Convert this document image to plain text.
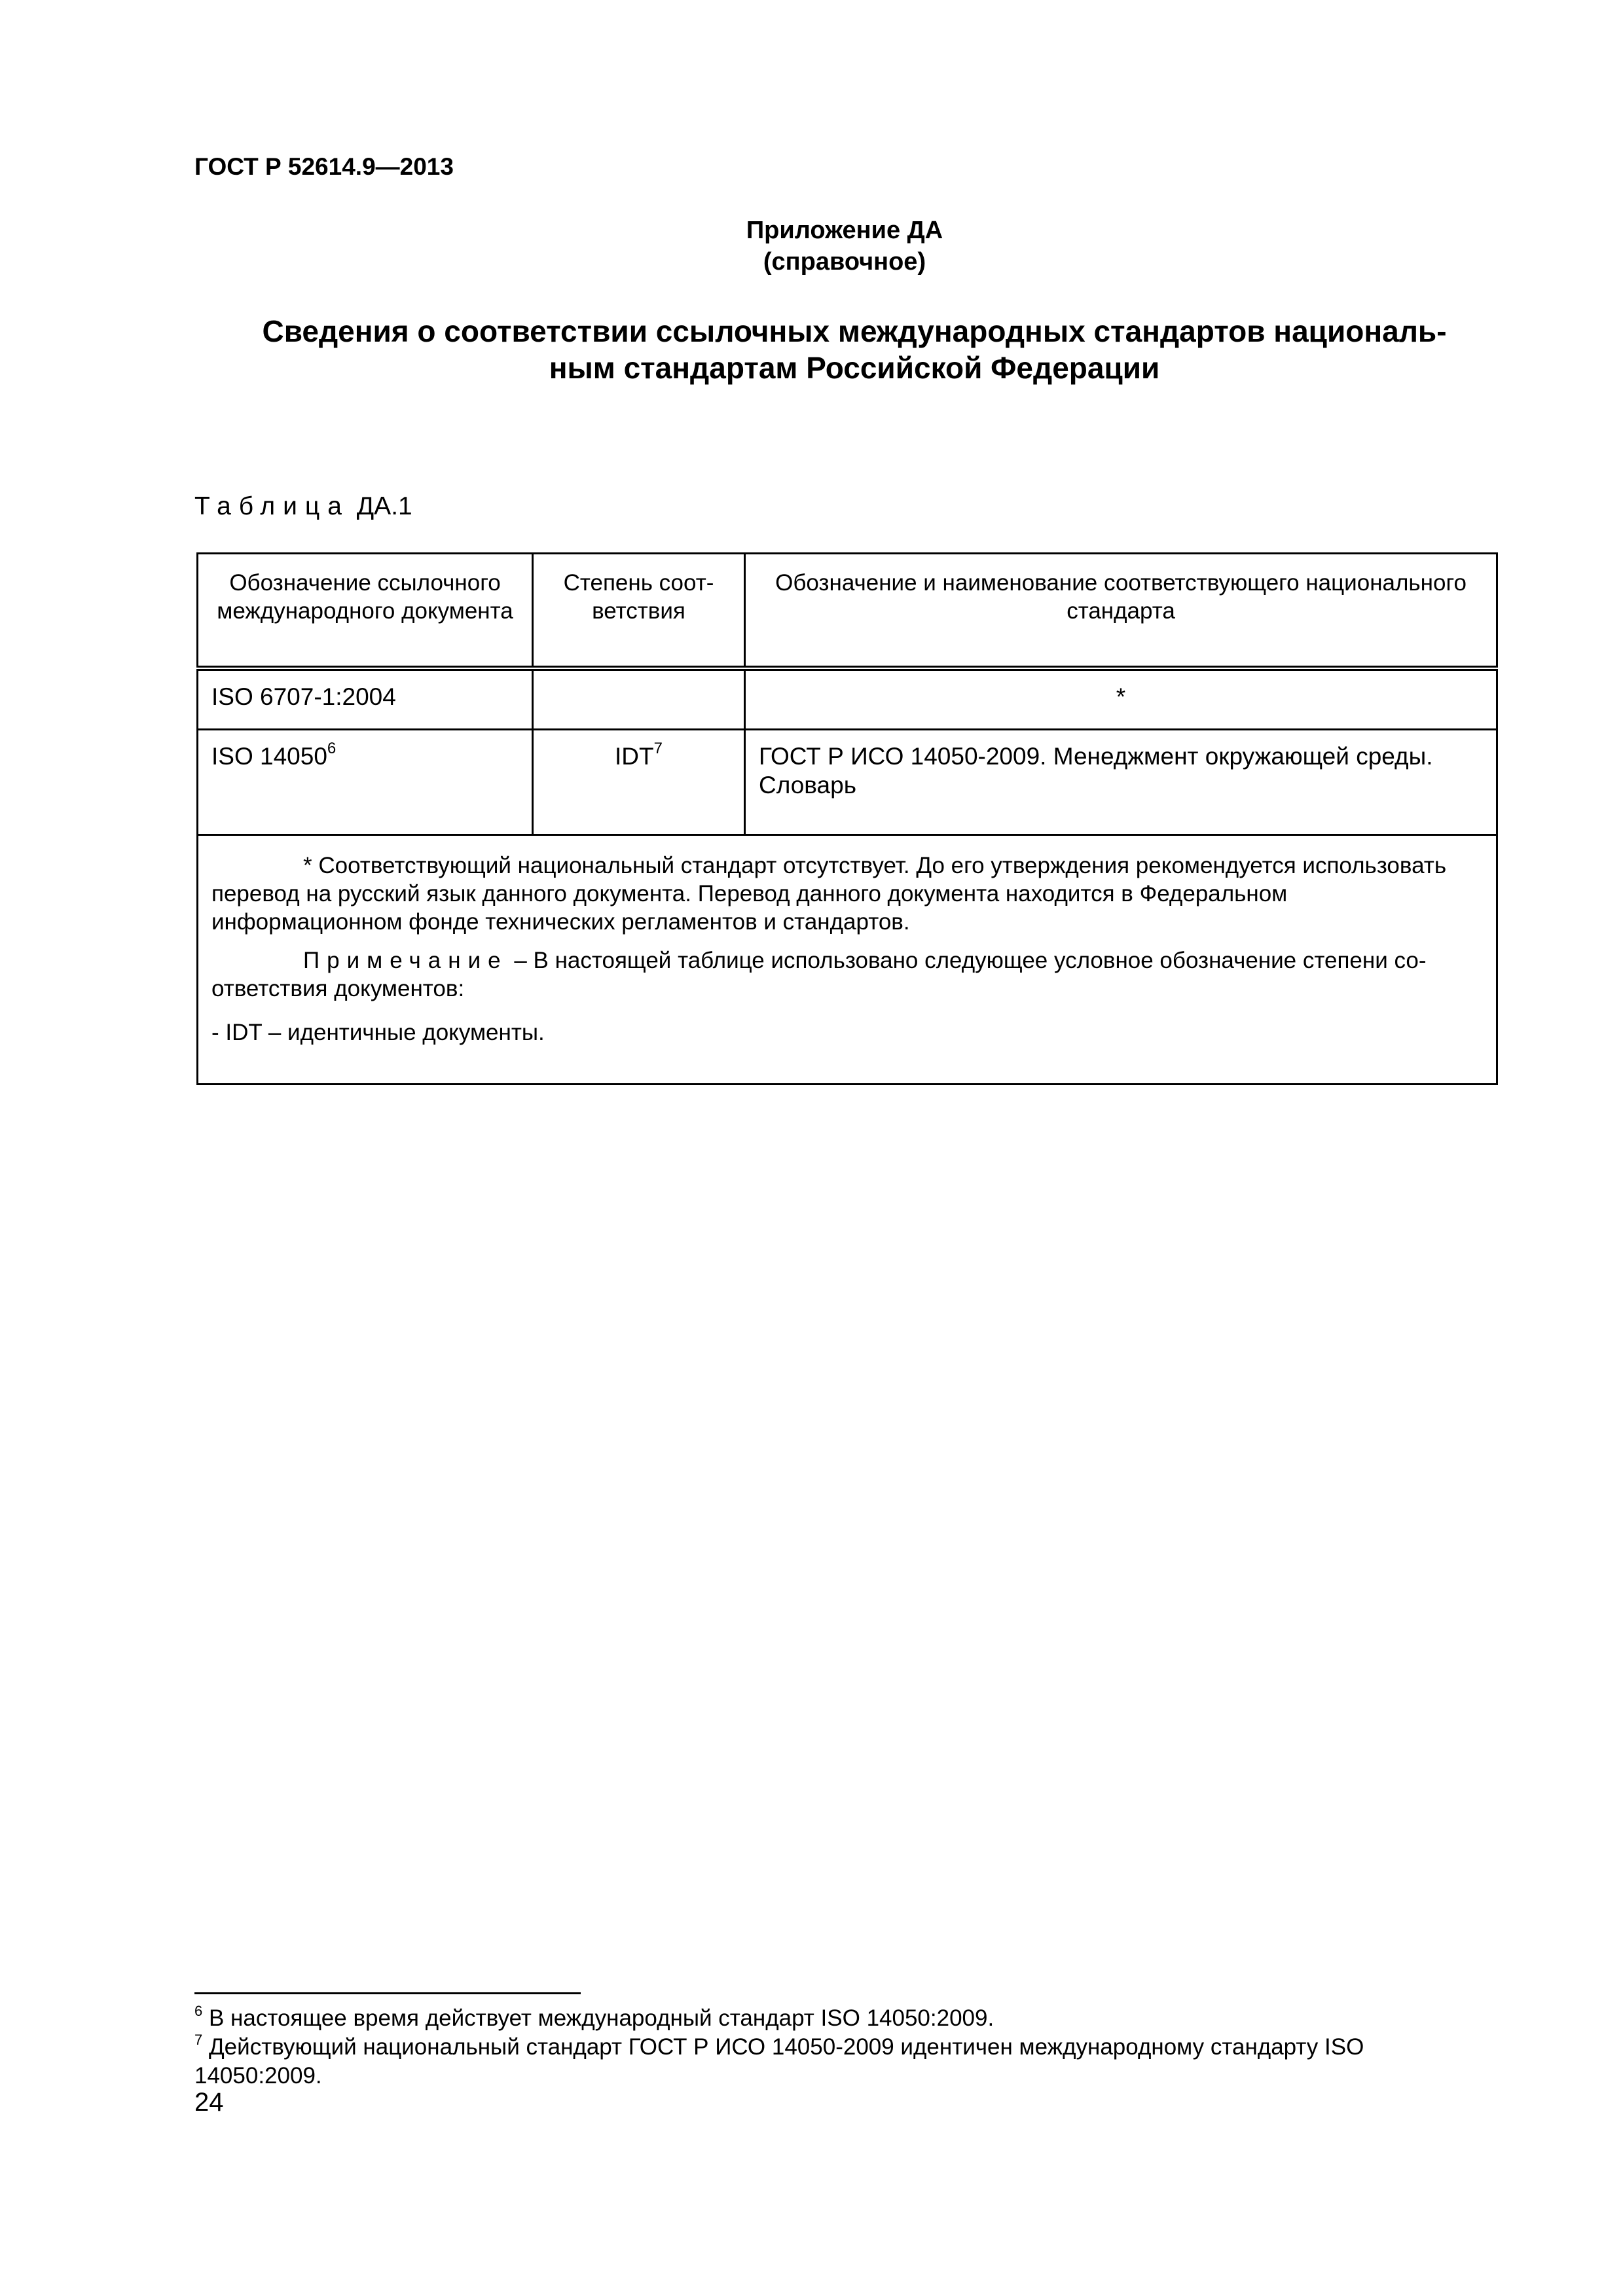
ГОСТ Р 52614.9—2013

Приложение ДА
(справочное)
Сведения о соответствии ссылочных международных стандартов националь-
ным стандартам Российской Федерации
Таблица ДА.1
Обозначение ссылочного международного документа	Степень соответствия	Обозначение и наименование соответствующего национального стандарта
ISO 6707-1:2004		*
ISO 14050$^6$	IDT$^7$	ГОСТ Р ИСО 14050-2009. Менеджмент окружающей среды. Словарь

* Соответствующий национальный стандарт отсутствует. До его утверждения рекомендуется использовать перевод на русский язык данного документа. Перевод данного документа находится в Федеральном информационном фонде технических регламентов и стандартов.

Примечание – В настоящей таблице использовано следующее условное обозначение степени соответствия документов:

- IDT – идентичные документы.		

$^6$ В настоящее время действует международный стандарт ISO 14050:2009.

$^7$ Действующий национальный стандарт ГОСТ Р ИСО 14050-2009 идентичен международному стандарту ISO 14050:2009.

24
